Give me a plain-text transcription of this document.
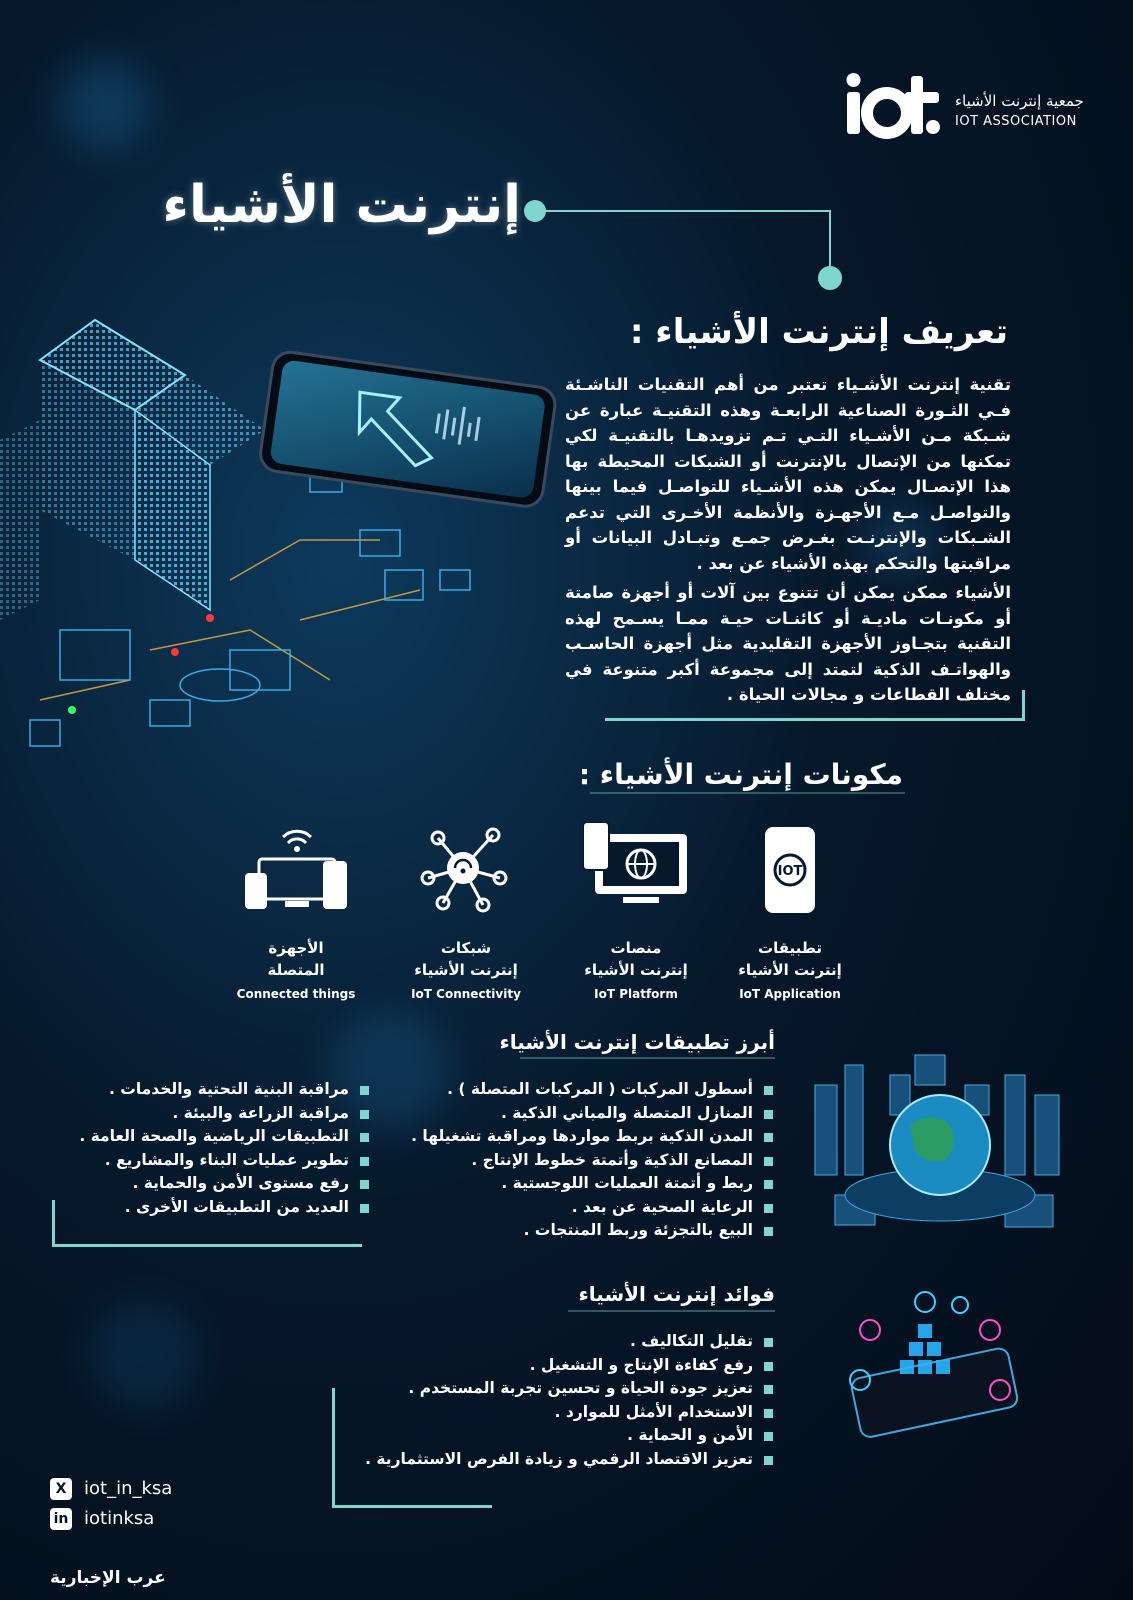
جمعية إنترنت الأشياء
IOT ASSOCIATION
إنترنت الأشياء
تعريف إنترنت الأشياء :
تقنية إنترنت الأشـياء تعتبر من أهم التقنيات الناشـئة فـي الثـورة الصناعية الرابعـة وهذه التقنيـة عبارة عن شـبكة مـن الأشـياء التـي تـم تزويدهـا بالتقنيـة لكي تمكنها من الإتصال بالإنترنت أو الشبكات المحيطة بها هذا الإتصـال يمكن هذه الأشـياء للتواصـل فيما بينها والتواصـل مـع الأجهـزة والأنظمة الأخـرى التي تدعم الشـبكات والإنترنـت بغـرض جمـع وتبـادل البيانات أو مراقبتها والتحكم بهذه الأشياء عن بعد .
الأشياء ممكن يمكن أن تتنوع بين آلات أو أجهزة صامتة أو مكونـات ماديـة أو كائنـات حيـة ممـا يسـمح لهذه التقنية بتجـاوز الأجهزة التقليدية مثل أجهزة الحاسـب والهواتـف الذكية لتمتد إلى مجموعة أكبر متنوعة في مختلف القطاعات و مجالات الحياة .
مكونات إنترنت الأشياء :
IOT
تطبيقات
إنترنت الأشياء
IoT Application
منصات
إنترنت الأشياء
IoT Platform
شبكات
إنترنت الأشياء
IoT Connectivity
الأجهزة
المتصلة
Connected things
أبرز تطبيقات إنترنت الأشياء
أسطول المركبات ( المركبات المتصلة ) .
المنازل المتصلة والمباني الذكية .
المدن الذكية بربط مواردها ومراقبة تشغيلها .
المصانع الذكية وأتمتة خطوط الإنتاج .
ربط و أتمتة العمليات اللوجستية .
الرعاية الصحية عن بعد .
البيع بالتجزئة وربط المنتجات .
مراقبة البنية التحتية والخدمات .
مراقبة الزراعة والبيئة .
التطبيقات الرياضية والصحة العامة .
تطوير عمليات البناء والمشاريع .
رفع مستوى الأمن والحماية .
العديد من التطبيقات الأخرى .
فوائد إنترنت الأشياء
تقليل التكاليف .
رفع كفاءة الإنتاج و التشغيل .
تعزيز جودة الحياة و تحسين تجربة المستخدم .
الاستخدام الأمثل للموارد .
الأمن و الحماية .
تعزيز الاقتصاد الرقمي و زيادة الفرص الاستثمارية .
X iot_in_ksa
in iotinksa
عرب الإخبارية
